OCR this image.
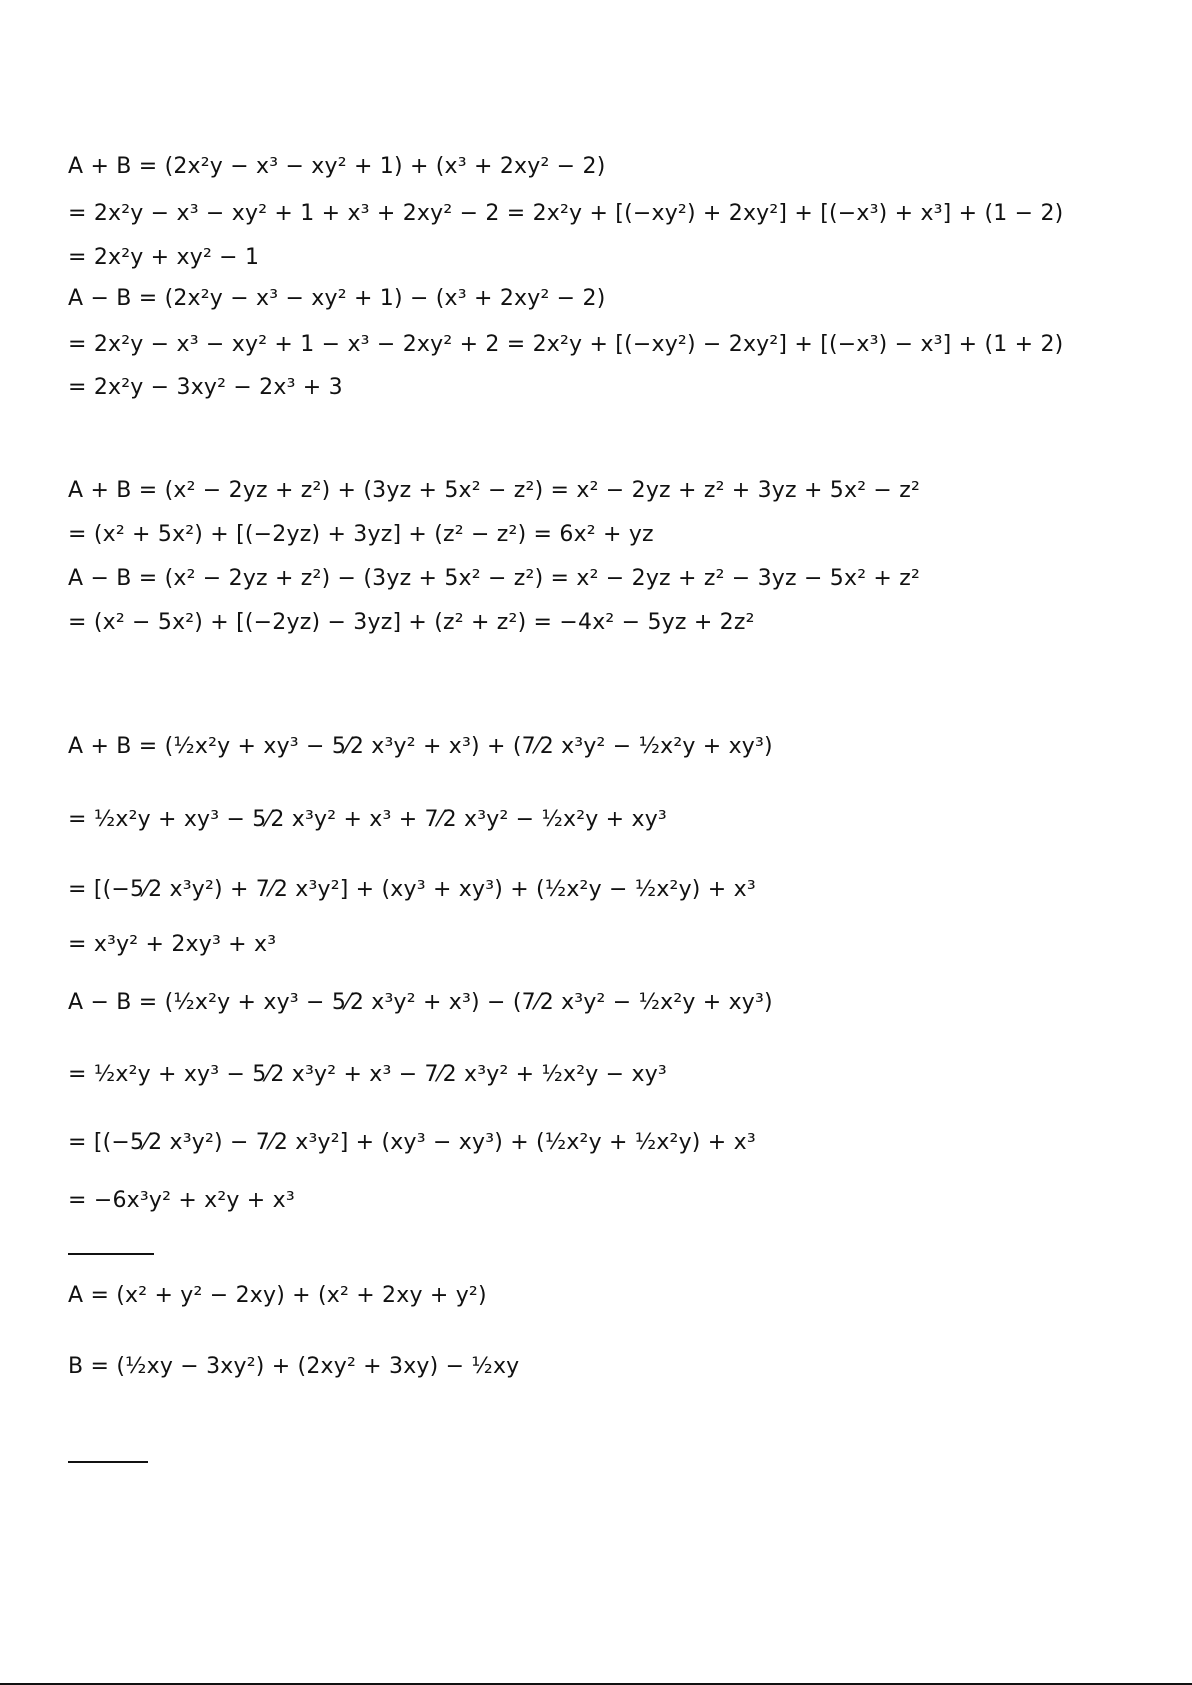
A + B = (2x²y − x³ − xy² + 1) + (x³ + 2xy² − 2)
= 2x²y − x³ − xy² + 1 + x³ + 2xy² − 2 = 2x²y + [(−xy²) + 2xy²] + [(−x³) + x³] + (1 − 2)
= 2x²y + xy² − 1
A − B = (2x²y − x³ − xy² + 1) − (x³ + 2xy² − 2)
= 2x²y − x³ − xy² + 1 − x³ − 2xy² + 2 = 2x²y + [(−xy²) − 2xy²] + [(−x³) − x³] + (1 + 2)
= 2x²y − 3xy² − 2x³ + 3
A + B = (x² − 2yz + z²) + (3yz + 5x² − z²) = x² − 2yz + z² + 3yz + 5x² − z²
= (x² + 5x²) + [(−2yz) + 3yz] + (z² − z²) = 6x² + yz
A − B = (x² − 2yz + z²) − (3yz + 5x² − z²) = x² − 2yz + z² − 3yz − 5x² + z²
= (x² − 5x²) + [(−2yz) − 3yz] + (z² + z²) = −4x² − 5yz + 2z²
A + B = (½x²y + xy³ − 5⁄2 x³y² + x³) + (7⁄2 x³y² − ½x²y + xy³)
= ½x²y + xy³ − 5⁄2 x³y² + x³ + 7⁄2 x³y² − ½x²y + xy³
= [(−5⁄2 x³y²) + 7⁄2 x³y²] + (xy³ + xy³) + (½x²y − ½x²y) + x³
= x³y² + 2xy³ + x³
A − B = (½x²y + xy³ − 5⁄2 x³y² + x³) − (7⁄2 x³y² − ½x²y + xy³)
= ½x²y + xy³ − 5⁄2 x³y² + x³ − 7⁄2 x³y² + ½x²y − xy³
= [(−5⁄2 x³y²) − 7⁄2 x³y²] + (xy³ − xy³) + (½x²y + ½x²y) + x³
= −6x³y² + x²y + x³
A = (x² + y² − 2xy) + (x² + 2xy + y²)
B = (½xy − 3xy²) + (2xy² + 3xy) − ½xy
